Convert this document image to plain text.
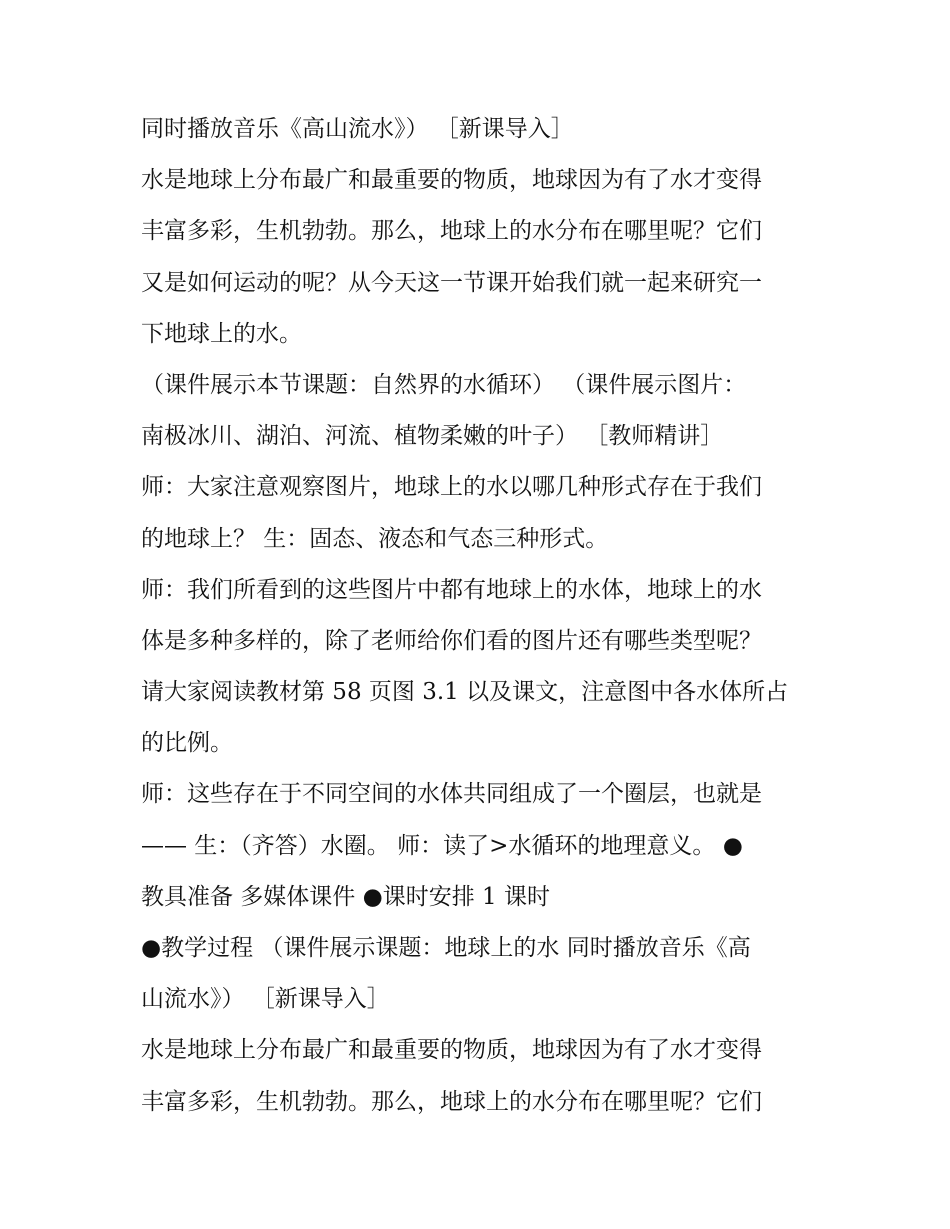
同时播放音乐《高山流水》） ［新课导入］
水是地球上分布最广和最重要的物质，地球因为有了水才变得
丰富多彩，生机勃勃。那么，地球上的水分布在哪里呢？它们
又是如何运动的呢？从今天这一节课开始我们就一起来研究一
下地球上的水。
（课件展示本节课题：自然界的水循环） （课件展示图片：
南极冰川、湖泊、河流、植物柔嫩的叶子） ［教师精讲］
师：大家注意观察图片，地球上的水以哪几种形式存在于我们
的地球上？ 生：固态、液态和气态三种形式。
师：我们所看到的这些图片中都有地球上的水体，地球上的水
体是多种多样的，除了老师给你们看的图片还有哪些类型呢？
请大家阅读教材第 58 页图 3.1 以及课文，注意图中各水体所占
的比例。
师：这些存在于不同空间的水体共同组成了一个圈层，也就是
—— 生：（齐答）水圈。 师：读了>水循环的地理意义。 ●
教具准备 多媒体课件 ●课时安排 1 课时
●教学过程 （课件展示课题：地球上的水 同时播放音乐《高
山流水》） ［新课导入］
水是地球上分布最广和最重要的物质，地球因为有了水才变得
丰富多彩，生机勃勃。那么，地球上的水分布在哪里呢？它们
